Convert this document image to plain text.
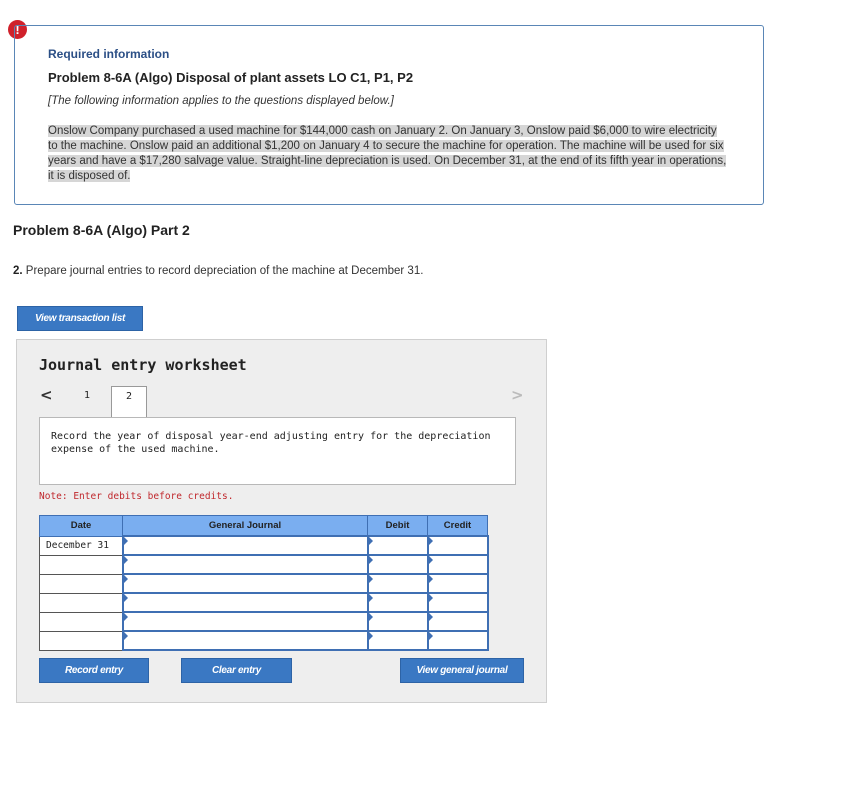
!
Required information
Problem 8-6A (Algo) Disposal of plant assets LO C1, P1, P2
[The following information applies to the questions displayed below.]
Onslow Company purchased a used machine for $144,000 cash on January 2. On January 3, Onslow paid $6,000 to wire electricity to the machine. Onslow paid an additional $1,200 on January 4 to secure the machine for operation. The machine will be used for six years and have a $17,280 salvage value. Straight-line depreciation is used. On December 31, at the end of its fifth year in operations, it is disposed of.
Problem 8-6A (Algo) Part 2
2. Prepare journal entries to record depreciation of the machine at December 31.
View transaction list
Journal entry worksheet
<	1	2	>
Record the year of disposal year-end adjusting entry for the depreciation expense of the used machine.
Note: Enter debits before credits.
Date	General Journal	Debit	Credit
December 31			

Record entry	Clear entry	View general journal
